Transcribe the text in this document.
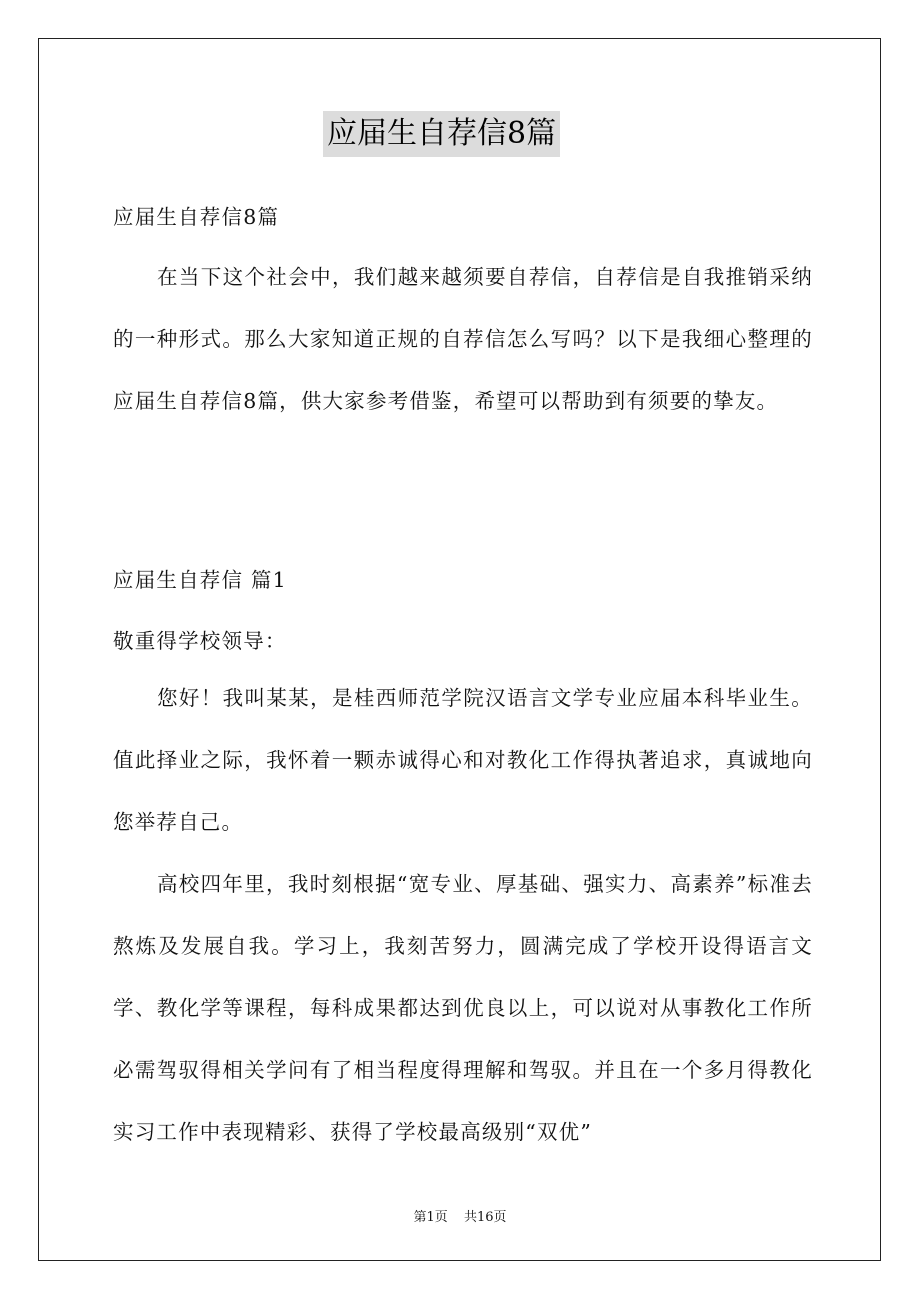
应届生自荐信8篇

应届生自荐信8篇

在当下这个社会中，我们越来越须要自荐信，自荐信是自我推销采纳的一种形式。那么大家知道正规的自荐信怎么写吗？以下是我细心整理的应届生自荐信8篇，供大家参考借鉴，希望可以帮助到有须要的挚友。

应届生自荐信 篇1

敬重得学校领导：

您好！我叫某某，是桂西师范学院汉语言文学专业应届本科毕业生。值此择业之际，我怀着一颗赤诚得心和对教化工作得执著追求，真诚地向您举荐自己。

高校四年里，我时刻根据“宽专业、厚基础、强实力、高素养”标准去熬炼及发展自我。学习上，我刻苦努力，圆满完成了学校开设得语言文学、教化学等课程，每科成果都达到优良以上，可以说对从事教化工作所必需驾驭得相关学问有了相当程度得理解和驾驭。并且在一个多月得教化实习工作中表现精彩、获得了学校最高级别“双优”

第1页 共16页
